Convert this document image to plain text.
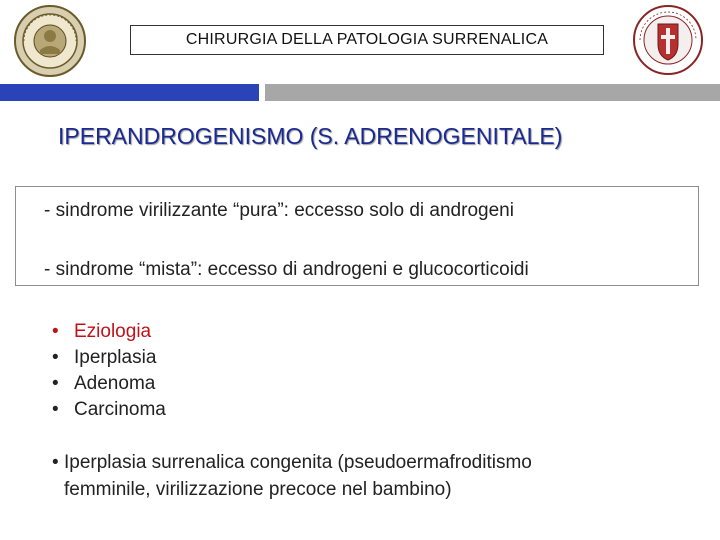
CHIRURGIA DELLA PATOLOGIA SURRENALICA
IPERANDROGENISMO (S. ADRENOGENITALE)
- sindrome virilizzante “pura”: eccesso solo di androgeni
- sindrome “mista”: eccesso di androgeni e glucocorticoidi
• Eziologia
• Iperplasia
• Adenoma
• Carcinoma
• Iperplasia surrenalica congenita (pseudoermafroditismo
femminile, virilizzazione precoce nel bambino)
